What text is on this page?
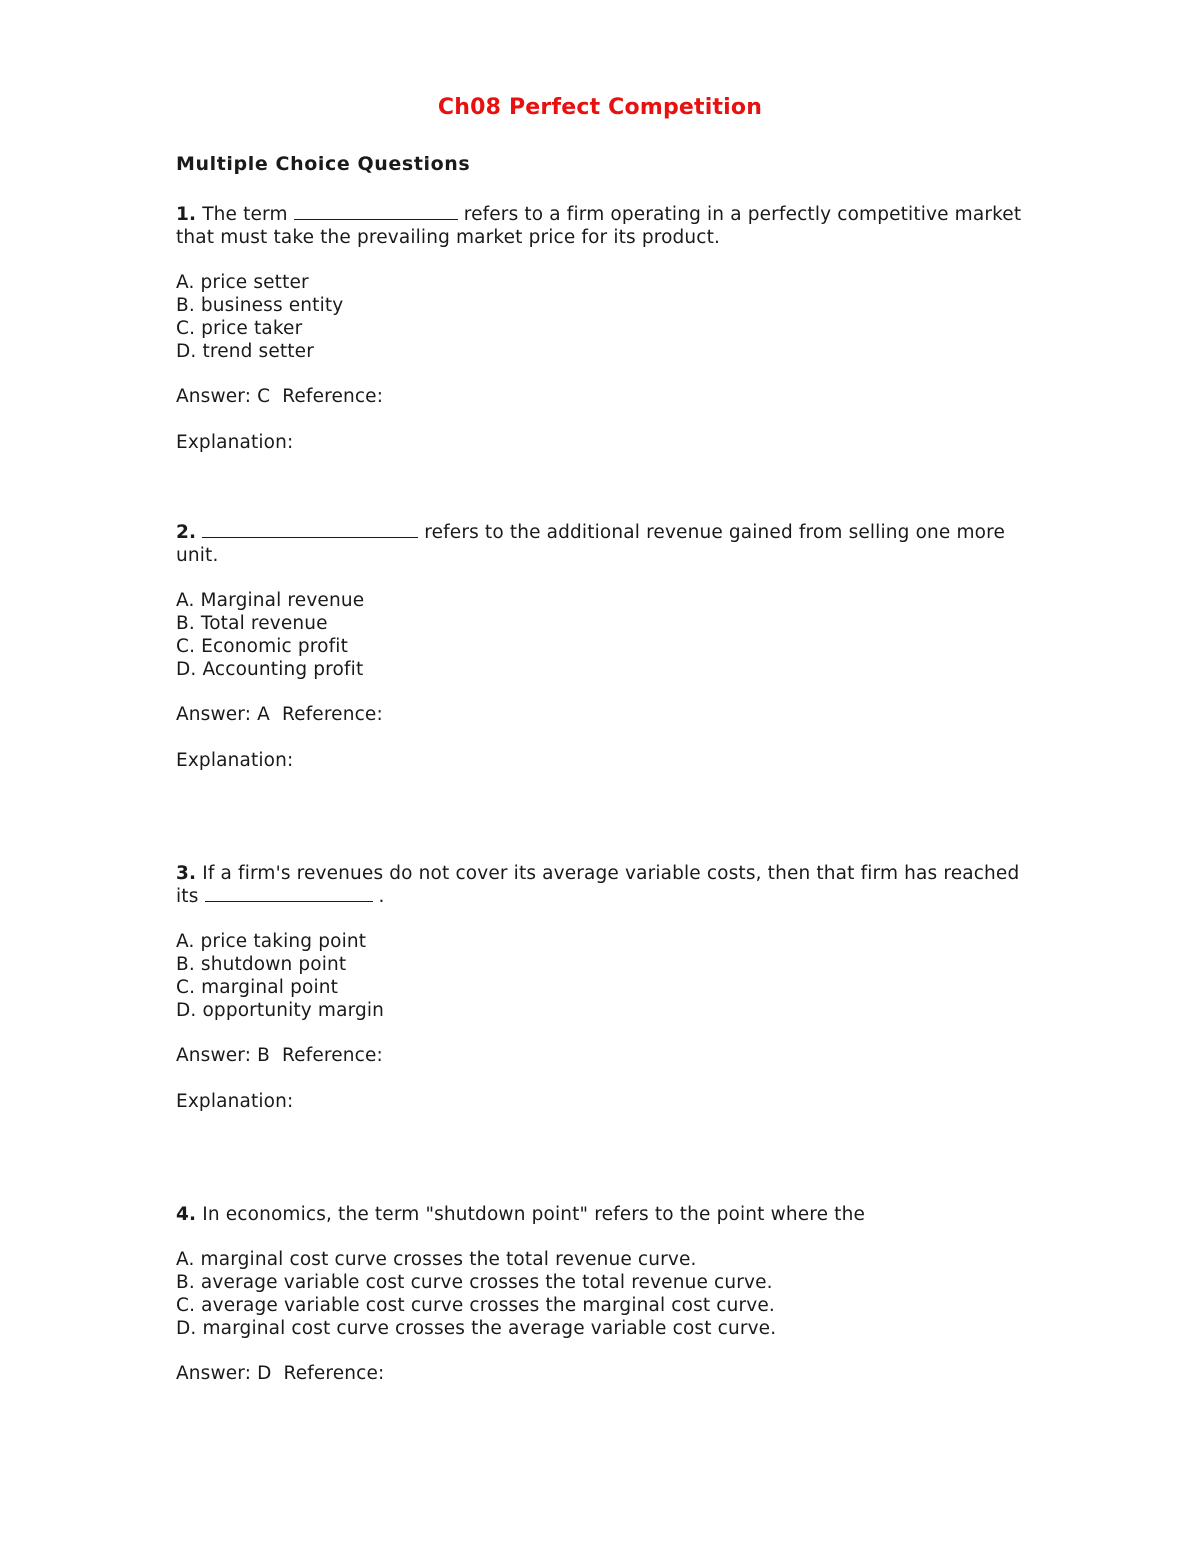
Ch08 Perfect Competition
Multiple Choice Questions
1. The term	refers to a firm operating in a perfectly competitive market that must take the prevailing market price for its product.
A. price setter
B. business entity
C. price taker
D. trend setter
Answer: C Reference:
Explanation:
2.	refers to the additional revenue gained from selling one more unit.
A. Marginal revenue
B. Total revenue
C. Economic profit
D. Accounting profit
Answer: A Reference:
Explanation:
3. If a firm's revenues do not cover its average variable costs, then that firm has reached its	.
A. price taking point
B. shutdown point
C. marginal point
D. opportunity margin
Answer: B Reference:
Explanation:
4. In economics, the term "shutdown point" refers to the point where the
A. marginal cost curve crosses the total revenue curve.
B. average variable cost curve crosses the total revenue curve.
C. average variable cost curve crosses the marginal cost curve.
D. marginal cost curve crosses the average variable cost curve.
Answer: D Reference:
